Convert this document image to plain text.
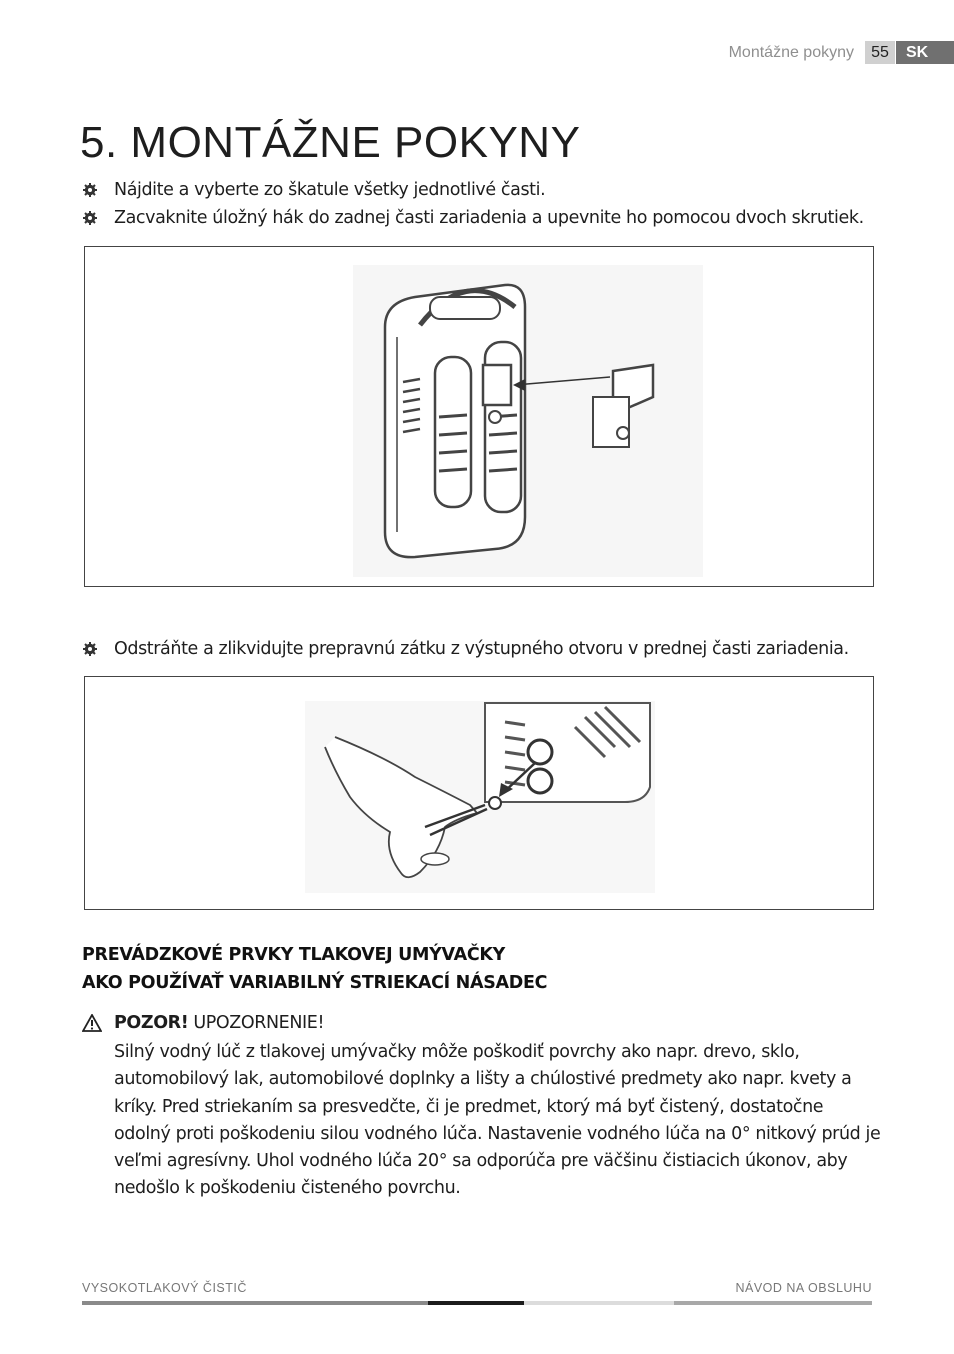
Montážne pokyny	55	SK
5. MONTÁŽNE POKYNY
Nájdite a vyberte zo škatule všetky jednotlivé časti.
Zacvaknite úložný hák do zadnej časti zariadenia a upevnite ho pomocou dvoch skrutiek.
Odstráňte a zlikvidujte prepravnú zátku z výstupného otvoru v prednej časti zariadenia.
PREVÁDZKOVÉ PRVKY TLAKOVEJ UMÝVAČKY
AKO POUŽÍVAŤ VARIABILNÝ STRIEKACÍ NÁSADEC
POZOR! UPOZORNENIE!

Silný vodný lúč z tlakovej umývačky môže poškodiť povrchy ako napr. drevo, sklo, automobilový lak, automobilové doplnky a lišty a chúlostivé predmety ako napr. kvety a kríky. Pred striekaním sa presvedčte, či je predmet, ktorý má byť čistený, dostatočne odolný proti poškodeniu silou vodného lúča. Nastavenie vodného lúča na 0° nitkový prúd je veľmi agresívny. Uhol vodného lúča 20° sa odporúča pre väčšinu čistiacich úkonov, aby nedošlo k poškodeniu čisteného povrchu.

VYSOKOTLAKOVÝ ČISTIČ	NÁVOD NA OBSLUHU
